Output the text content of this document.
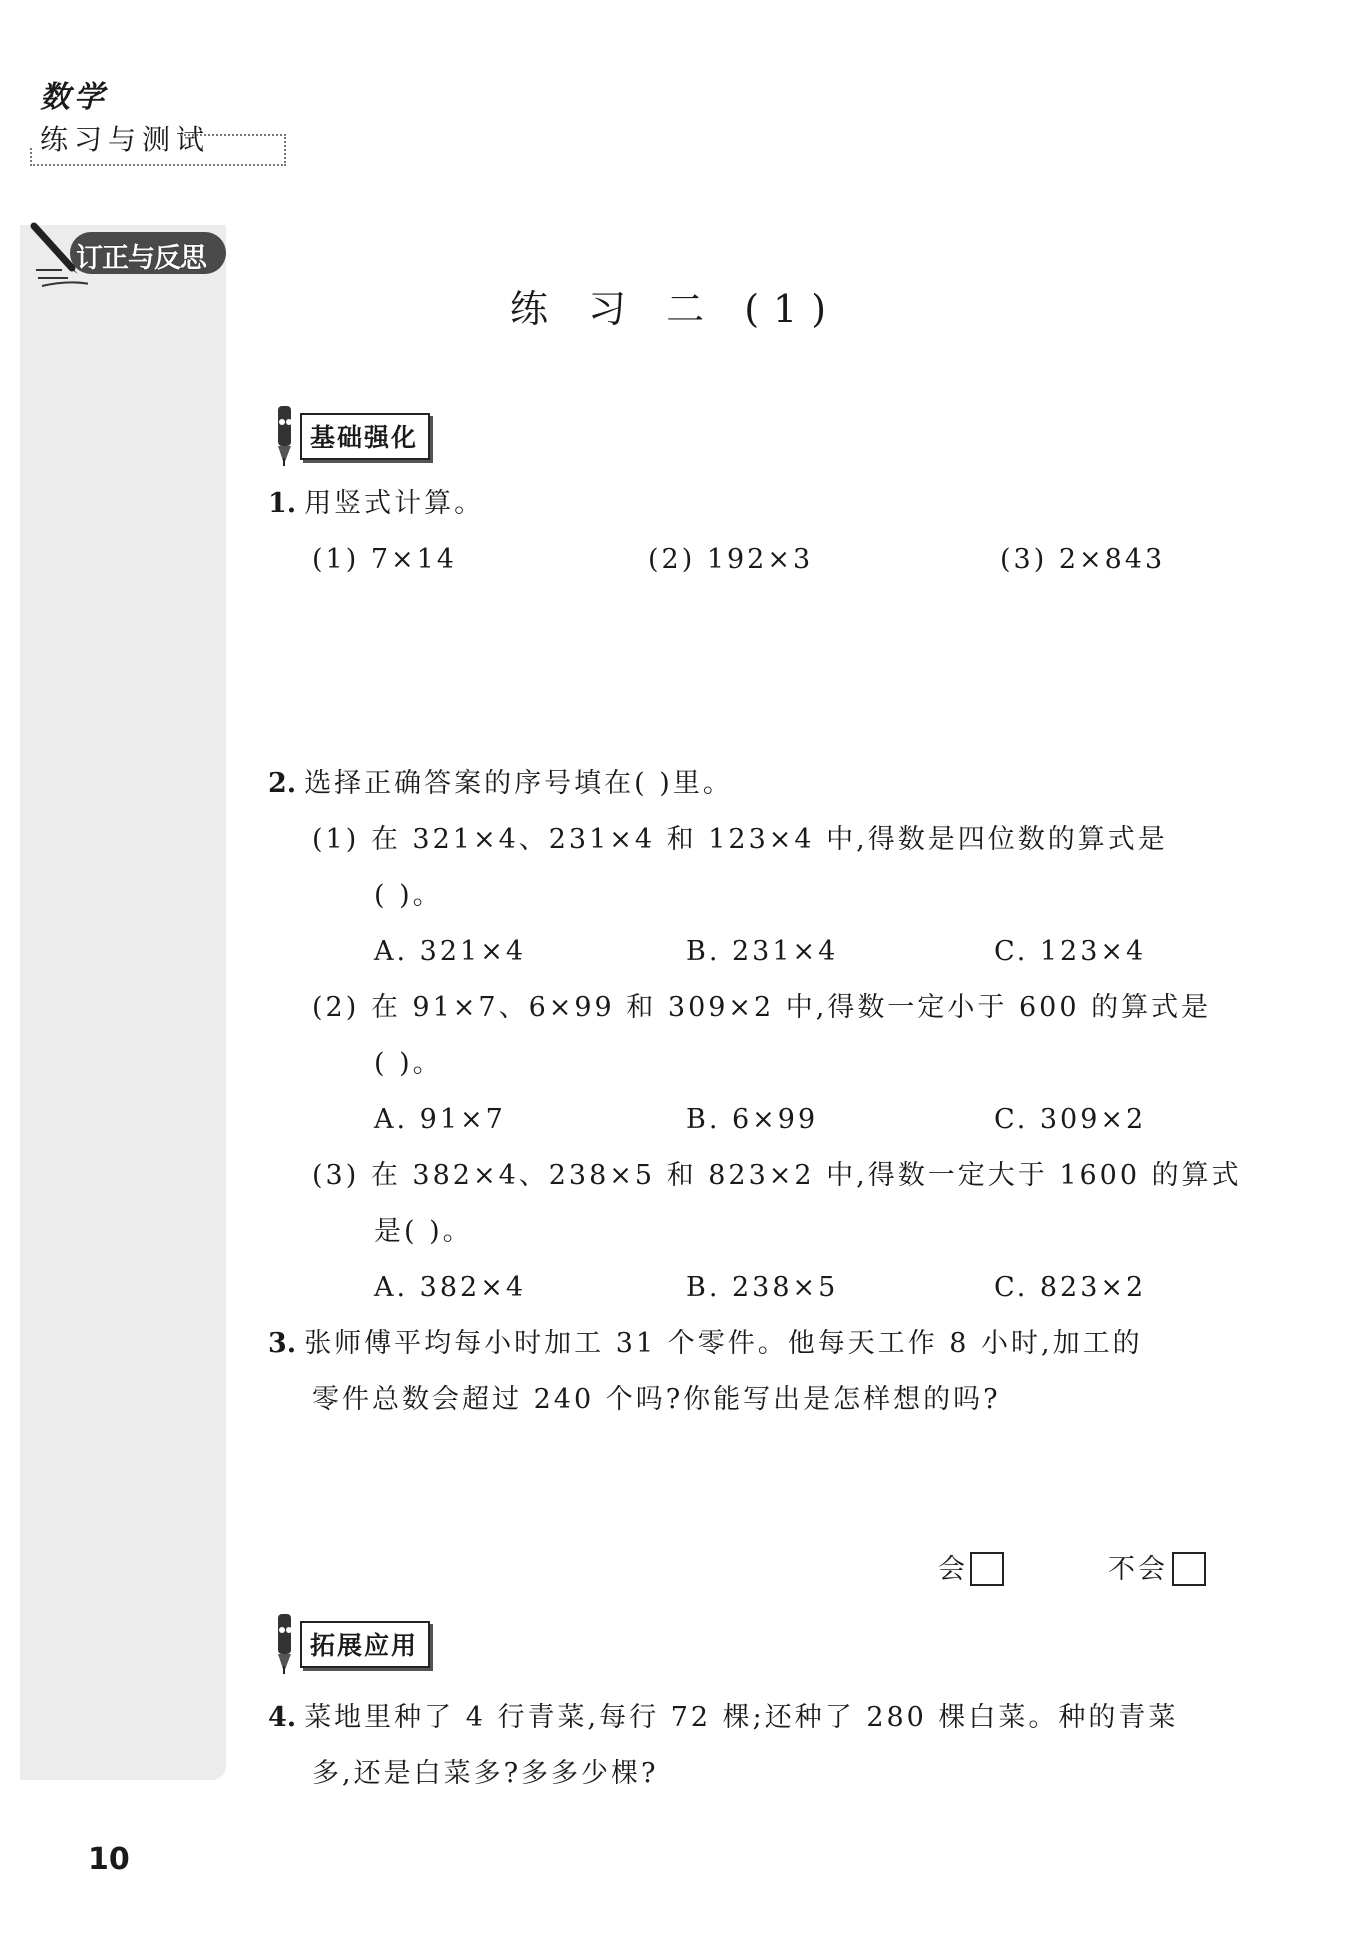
数学
练习与测试
订正与反思
练 习 二 (1)
基础强化
1. 用竖式计算。
(1) 7×14	(2) 192×3	(3) 2×843
2. 选择正确答案的序号填在( )里。
(1) 在 321×4、231×4 和 123×4 中,得数是四位数的算式是
( )。
A. 321×4	B. 231×4	C. 123×4
(2) 在 91×7、6×99 和 309×2 中,得数一定小于 600 的算式是
( )。
A. 91×7	B. 6×99	C. 309×2
(3) 在 382×4、238×5 和 823×2 中,得数一定大于 1600 的算式
是( )。
A. 382×4	B. 238×5	C. 823×2
3. 张师傅平均每小时加工 31 个零件。他每天工作 8 小时,加工的
零件总数会超过 240 个吗?你能写出是怎样想的吗?
会	不会
拓展应用
4. 菜地里种了 4 行青菜,每行 72 棵;还种了 280 棵白菜。种的青菜
多,还是白菜多?多多少棵?
10
